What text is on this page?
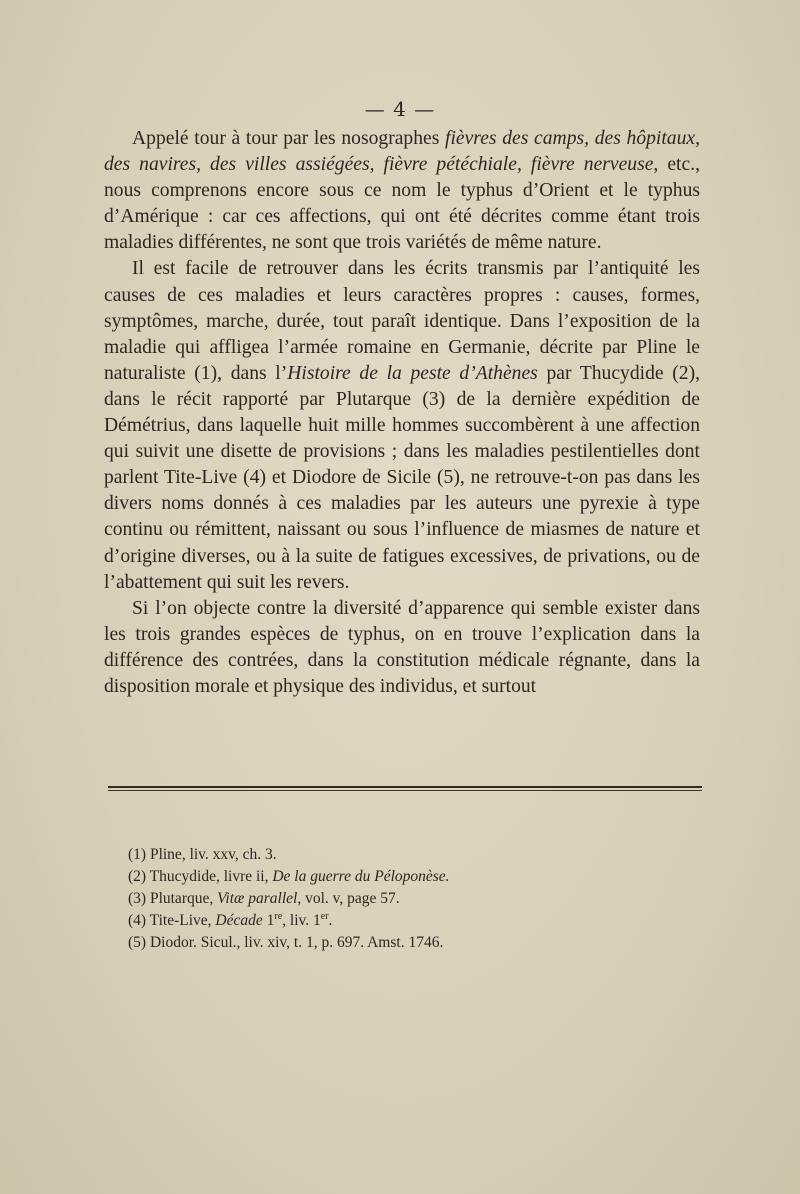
— 4 —

Appelé tour à tour par les nosographes fièvres des camps, des hôpitaux, des navires, des villes assiégées, fièvre pétéchiale, fièvre nerveuse, etc., nous comprenons encore sous ce nom le typhus d’Orient et le typhus d’Amérique : car ces affections, qui ont été décrites comme étant trois maladies différentes, ne sont que trois variétés de même nature.

Il est facile de retrouver dans les écrits transmis par l’antiquité les causes de ces maladies et leurs caractères propres : causes, formes, symptômes, marche, durée, tout paraît identique. Dans l’exposition de la maladie qui affligea l’armée romaine en Germanie, décrite par Pline le naturaliste (1), dans l’Histoire de la peste d’Athènes par Thucydide (2), dans le récit rapporté par Plutarque (3) de la dernière expédition de Démétrius, dans laquelle huit mille hommes succombèrent à une affection qui suivit une disette de provisions ; dans les maladies pestilentielles dont parlent Tite-Live (4) et Diodore de Sicile (5), ne retrouve-t-on pas dans les divers noms donnés à ces maladies par les auteurs une pyrexie à type continu ou rémittent, naissant ou sous l’influence de miasmes de nature et d’origine diverses, ou à la suite de fatigues excessives, de privations, ou de l’abattement qui suit les revers.

Si l’on objecte contre la diversité d’apparence qui semble exister dans les trois grandes espèces de typhus, on en trouve l’explication dans la différence des contrées, dans la constitution médicale régnante, dans la disposition morale et physique des individus, et surtout

(1) Pline, liv. xxv, ch. 3.
(2) Thucydide, livre ii, De la guerre du Péloponèse.
(3) Plutarque, Vitæ parallel, vol. v, page 57.
(4) Tite-Live, Décade 1re, liv. 1er.
(5) Diodor. Sicul., liv. xiv, t. 1, p. 697. Amst. 1746.
